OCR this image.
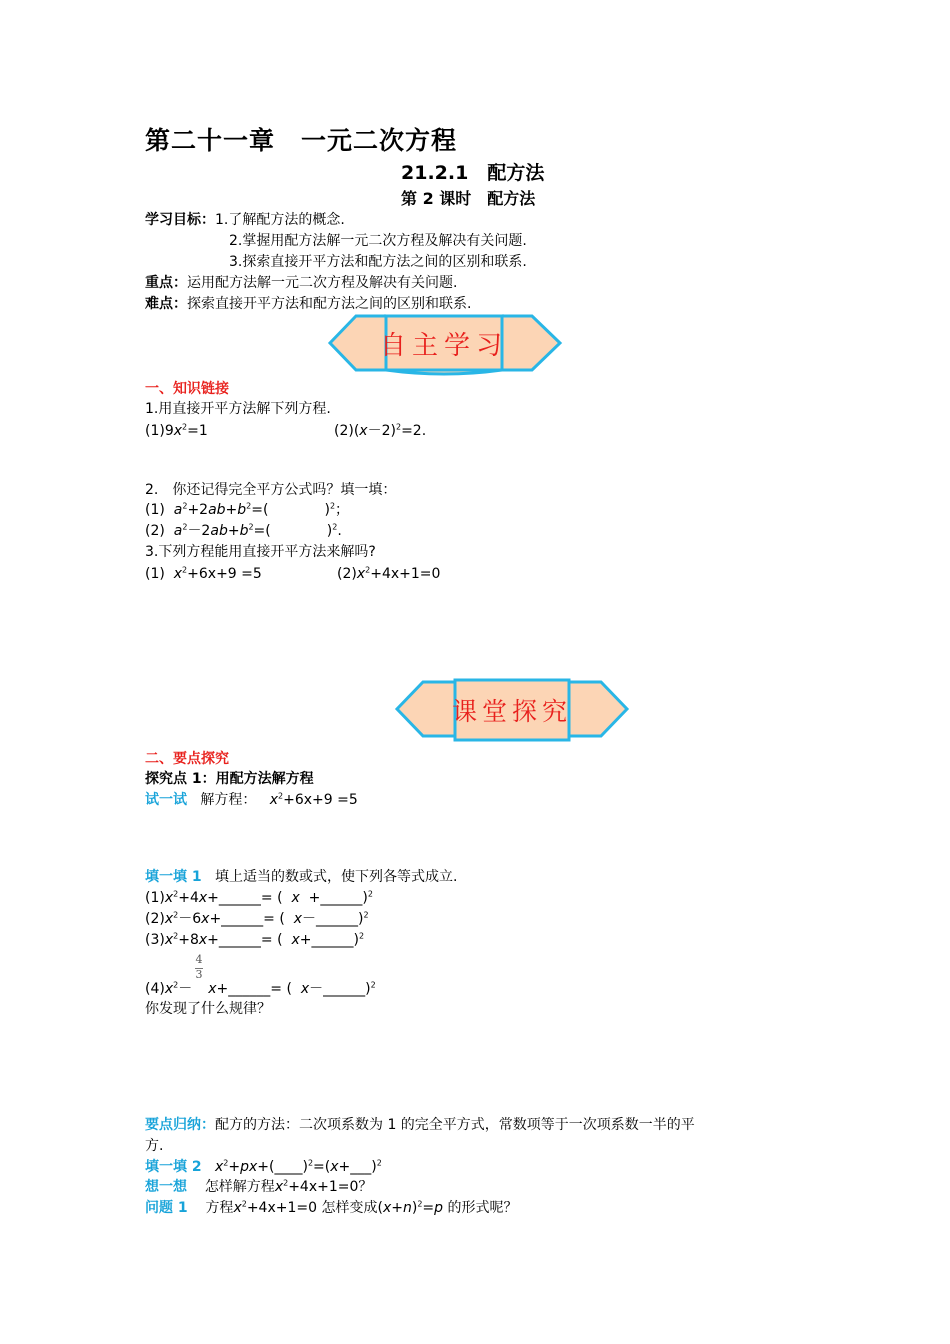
第二十一章　一元二次方程
21.2.1　配方法
第 2 课时　配方法
学习目标：1.了解配方法的概念.
2.掌握用配方法解一元二次方程及解决有关问题.
3.探索直接开平方法和配方法之间的区别和联系.
重点：运用配方法解一元二次方程及解决有关问题.
难点：探索直接开平方法和配方法之间的区别和联系.
自主学习
一、知识链接
1.用直接开平方法解下列方程.
$(1)9x^2=1$	$(2)(x-2)^2=2$.
2.　你还记得完全平方公式吗？填一填：
(1) $a^2+2ab+b^2=$(	)$^2$；
(2) $a^2-2ab+b^2=$(	)$^2$.
3.下列方程能用直接开平方法来解吗?
(1) $x^2+6x+9 =5$	$(2)x^2+4x+1=0$
课堂探究
二、要点探究
探究点 1：用配方法解方程
试一试 解方程： $x^2+6x+9 =5$
填一填 1 填上适当的数或式，使下列各等式成立.
$(1)x^2+4x+\_\_\_\_\_\_=$ (  x  +______)$^2$
$(2)x^2-6x+\_\_\_\_\_\_=$ (  x－______)$^2$
$(3)x^2+8x+\_\_\_\_\_\_=$ (  x+______)$^2$
4
3
$(4)x^2-$ x+______= (  x－______)$^2$
你发现了什么规律？
要点归纳：配方的方法：二次项系数为 1 的完全平方式，常数项等于一次项系数一半的平
方.
填一填 2 $x^2+px+(\_\_\_\_)^2=(x+\_\_\_)^2$
想一想 怎样解方程$x^2+4x+1=0$？
问题 1 方程$x^2+4x+1=0$ 怎样变成$(x+n)^2=p$ 的形式呢？
